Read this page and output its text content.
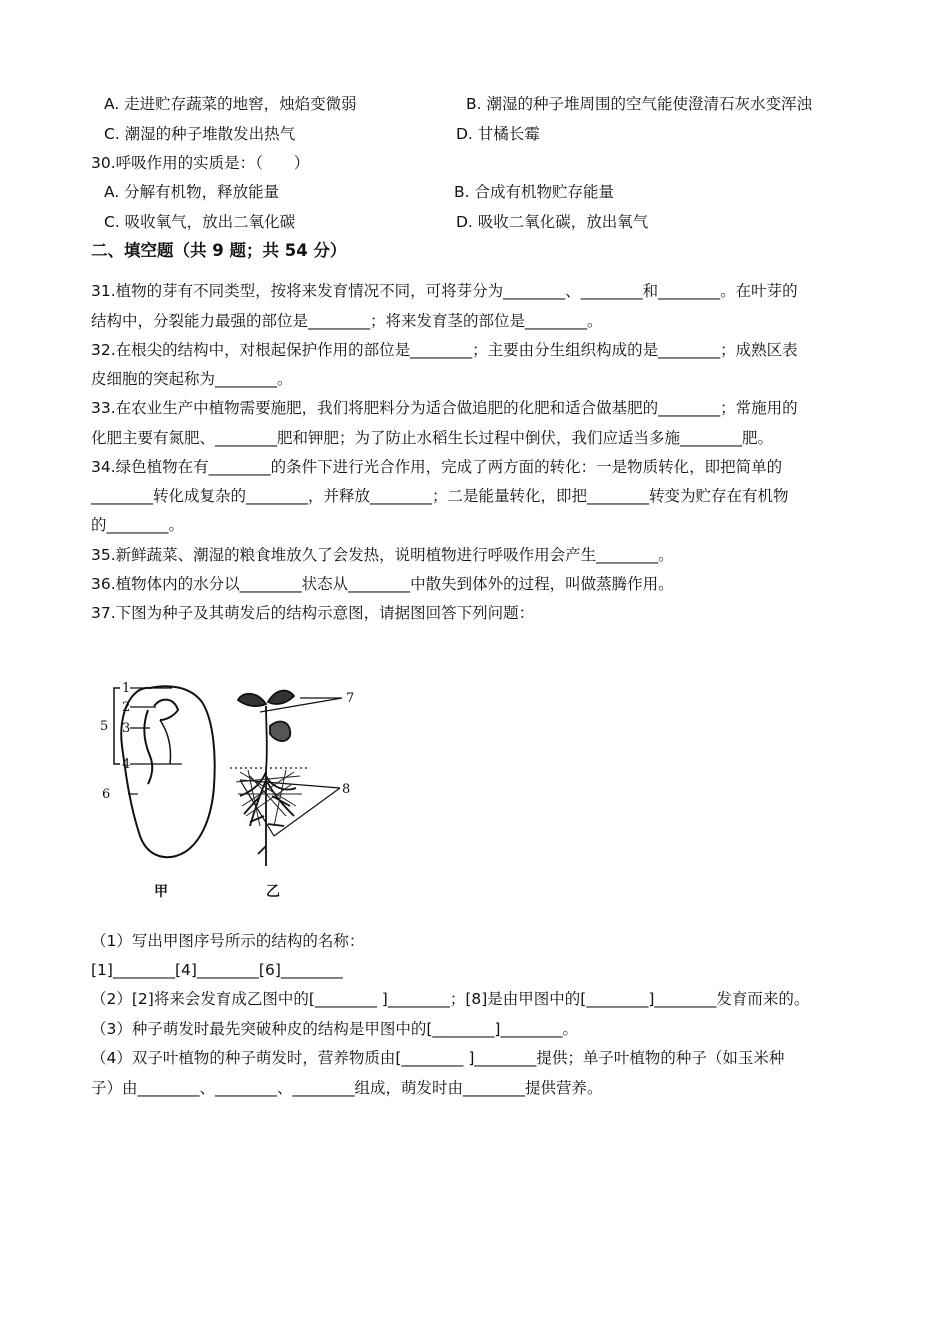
A. 走进贮存蔬菜的地窖，烛焰变微弱	B. 潮湿的种子堆周围的空气能使澄清石灰水变浑浊
C. 潮湿的种子堆散发出热气	D. 甘橘长霉
30.呼吸作用的实质是：（　　）
A. 分解有机物，释放能量	B. 合成有机物贮存能量
C. 吸收氧气，放出二氧化碳	D. 吸收二氧化碳，放出氧气
二、填空题（共 9 题；共 54 分）
31.植物的芽有不同类型，按将来发育情况不同，可将芽分为________、________和________。在叶芽的
结构中，分裂能力最强的部位是________；将来发育茎的部位是________。
32.在根尖的结构中，对根起保护作用的部位是________；主要由分生组织构成的是________；成熟区表
皮细胞的突起称为________。
33.在农业生产中植物需要施肥，我们将肥料分为适合做追肥的化肥和适合做基肥的________；常施用的
化肥主要有氮肥、________肥和钾肥；为了防止水稻生长过程中倒伏，我们应适当多施________肥。
34.绿色植物在有________的条件下进行光合作用，完成了两方面的转化：一是物质转化，即把简单的
________转化成复杂的________，并释放________；二是能量转化，即把________转变为贮存在有机物
的________。
35.新鲜蔬菜、潮湿的粮食堆放久了会发热，说明植物进行呼吸作用会产生________。
36.植物体内的水分以________状态从________中散失到体外的过程，叫做蒸腾作用。
37.下图为种子及其萌发后的结构示意图，请据图回答下列问题：
1
2
3
4
5
6
7
8
甲	乙
（1）写出甲图序号所示的结构的名称：
[1]________[4]________[6]________
（2）[2]将来会发育成乙图中的[________ ]________；[8]是由甲图中的[________]________发育而来的。
（3）种子萌发时最先突破种皮的结构是甲图中的[________]________。
（4）双子叶植物的种子萌发时，营养物质由[________ ]________提供；单子叶植物的种子（如玉米种
子）由________、________、________组成，萌发时由________提供营养。
